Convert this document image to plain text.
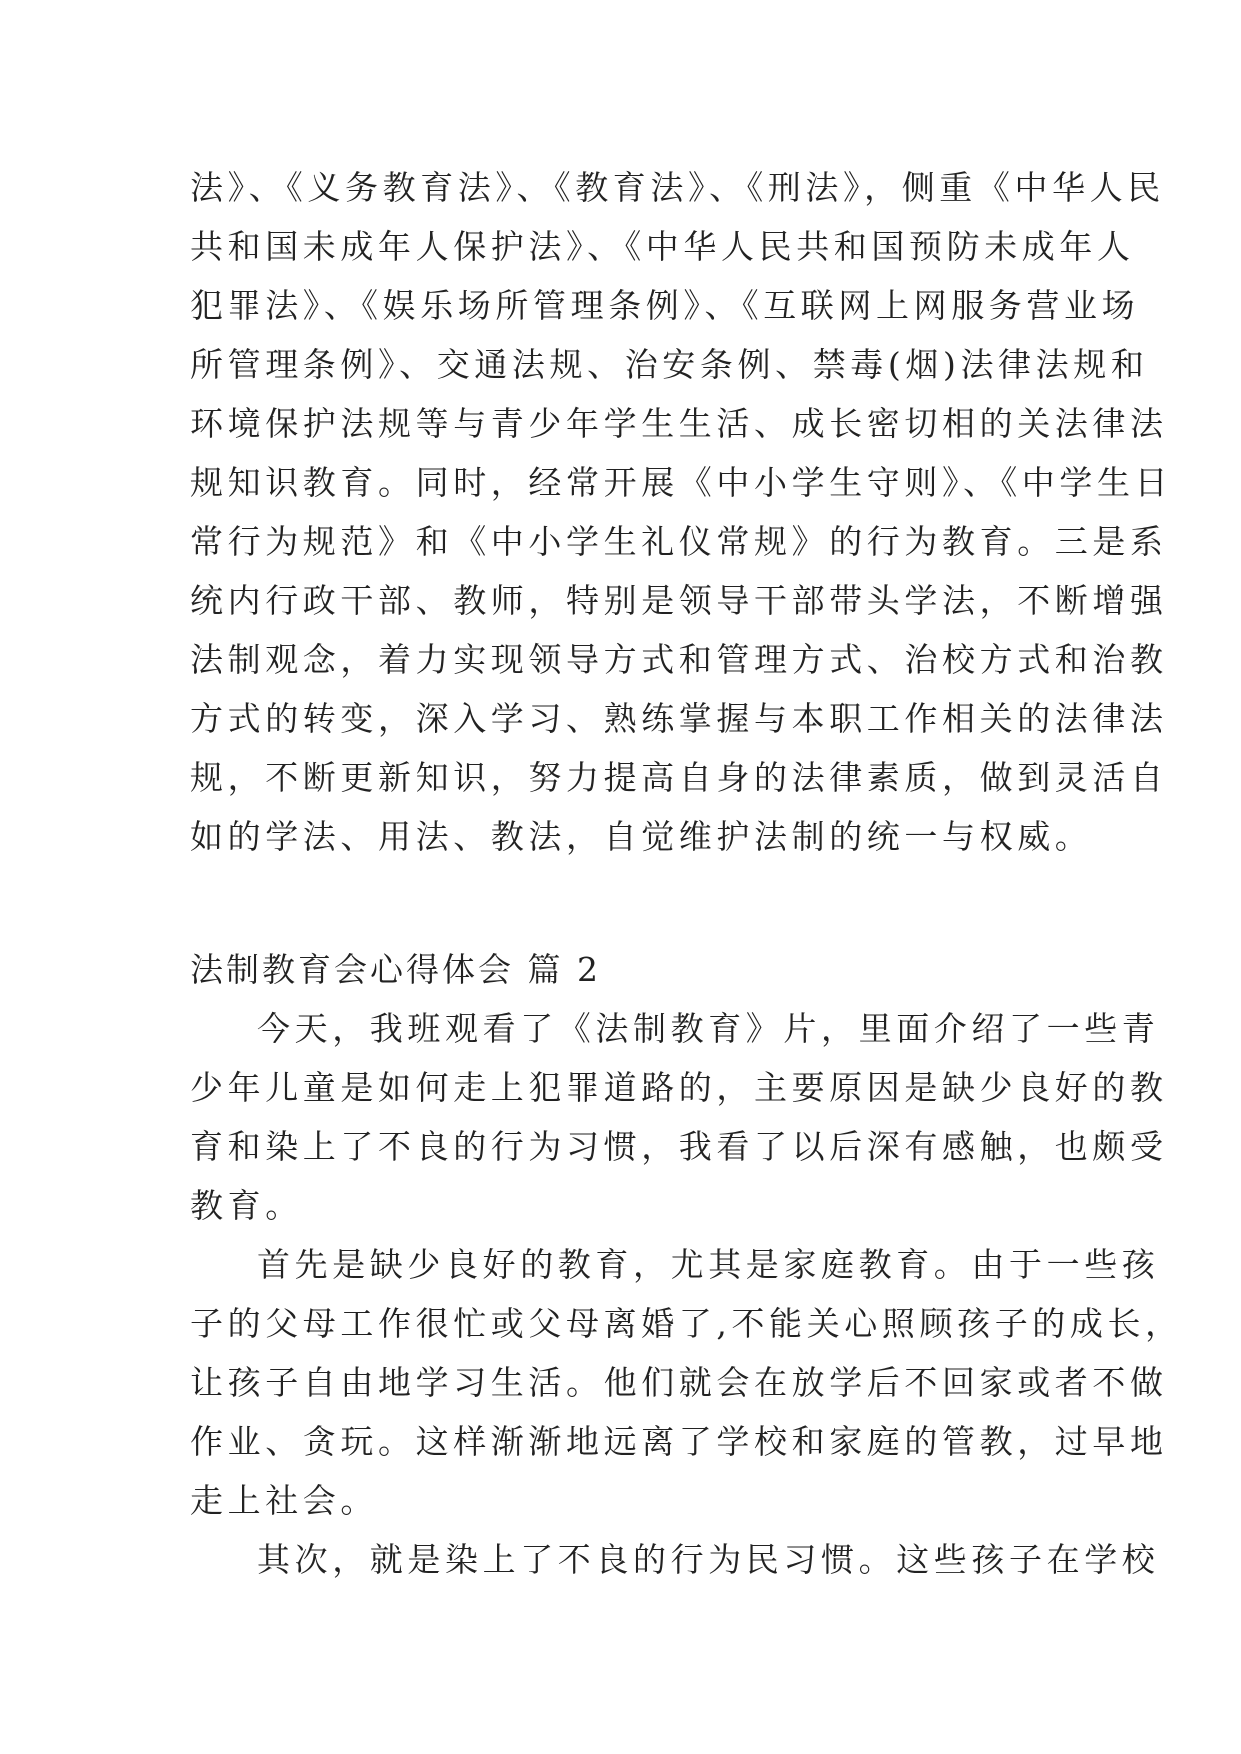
法》、《义务教育法》、《教育法》、《刑法》，侧重《中华人民
共和国未成年人保护法》、《中华人民共和国预防未成年人
犯罪法》、《娱乐场所管理条例》、《互联网上网服务营业场
所管理条例》、交通法规、治安条例、禁毒(烟)法律法规和
环境保护法规等与青少年学生生活、成长密切相的关法律法
规知识教育。同时，经常开展《中小学生守则》、《中学生日
常行为规范》和《中小学生礼仪常规》的行为教育。三是系
统内行政干部、教师，特别是领导干部带头学法，不断增强
法制观念，着力实现领导方式和管理方式、治校方式和治教
方式的转变，深入学习、熟练掌握与本职工作相关的法律法
规，不断更新知识，努力提高自身的法律素质，做到灵活自
如的学法、用法、教法，自觉维护法制的统一与权威。
法制教育会心得体会 篇 2
今天，我班观看了《法制教育》片，里面介绍了一些青
少年儿童是如何走上犯罪道路的，主要原因是缺少良好的教
育和染上了不良的行为习惯，我看了以后深有感触，也颇受
教育。
首先是缺少良好的教育，尤其是家庭教育。由于一些孩
子的父母工作很忙或父母离婚了,不能关心照顾孩子的成长，
让孩子自由地学习生活。他们就会在放学后不回家或者不做
作业、贪玩。这样渐渐地远离了学校和家庭的管教，过早地
走上社会。
其次，就是染上了不良的行为民习惯。这些孩子在学校
